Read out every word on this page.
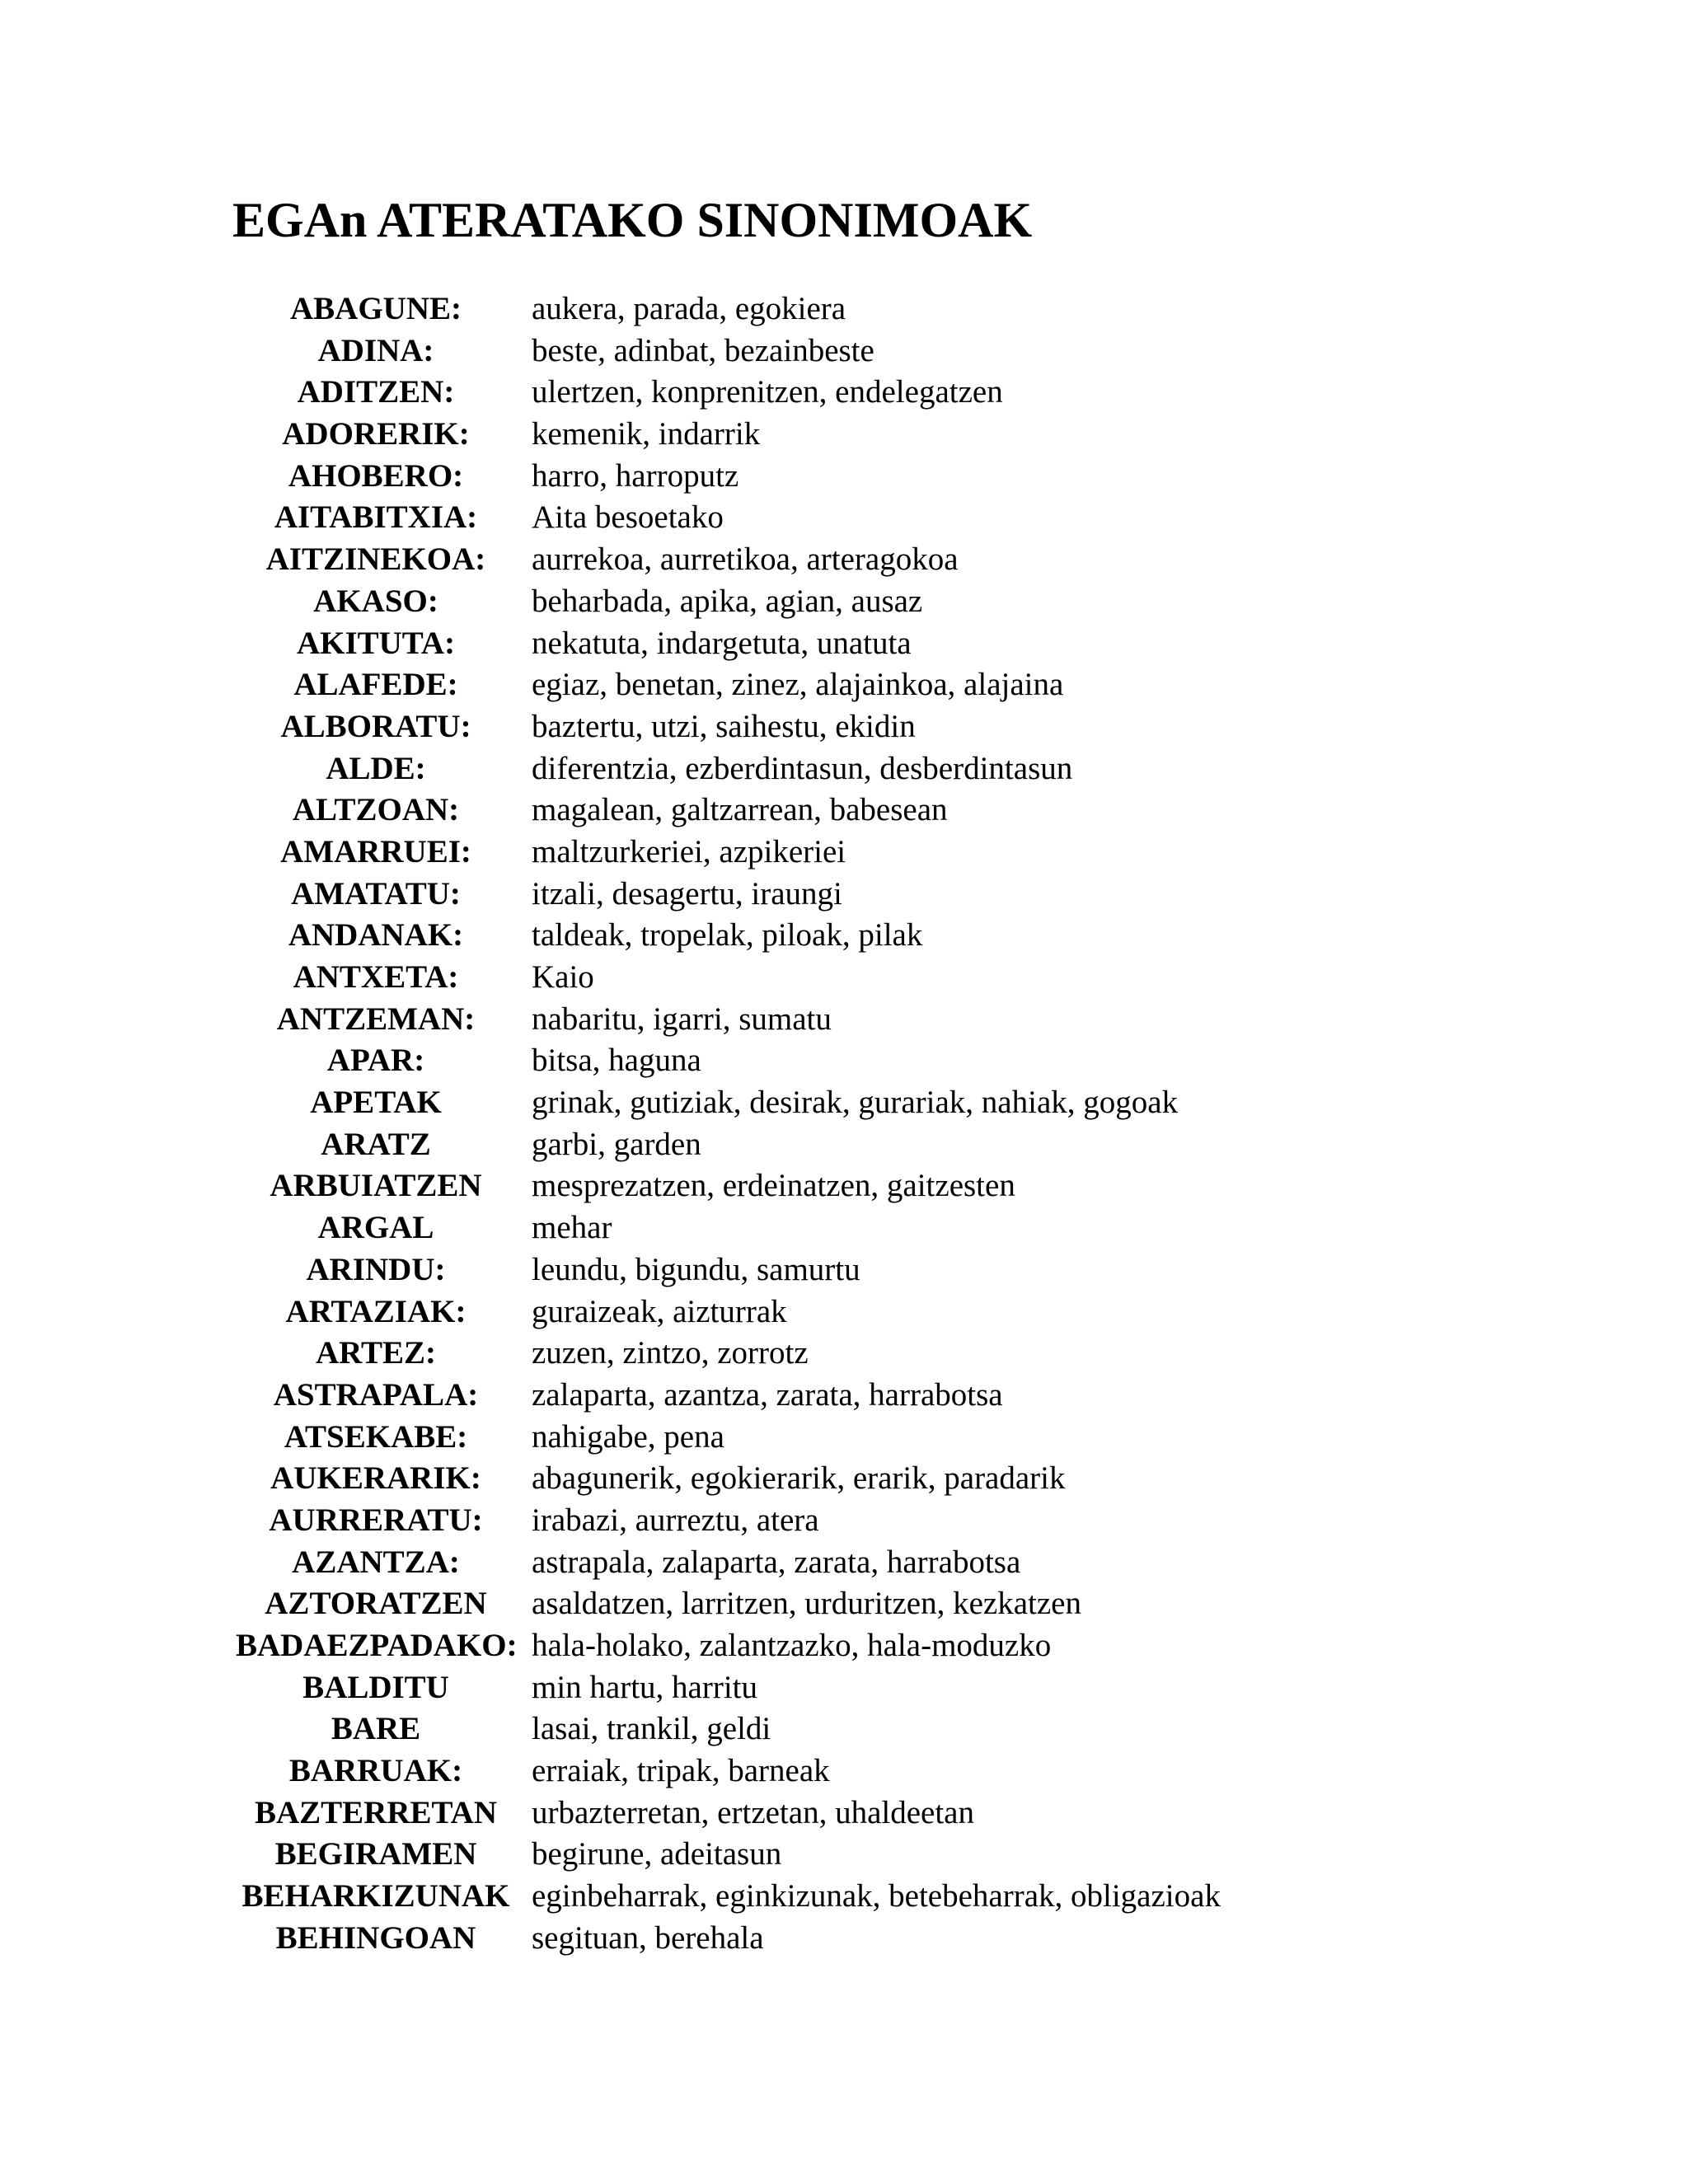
EGAn ATERATAKO SINONIMOAK
ABAGUNE:	aukera, parada, egokiera
ADINA:	beste, adinbat, bezainbeste
ADITZEN:	ulertzen, konprenitzen, endelegatzen
ADORERIK:	kemenik, indarrik
AHOBERO:	harro, harroputz
AITABITXIA:	Aita besoetako
AITZINEKOA:	aurrekoa, aurretikoa, arteragokoa
AKASO:	beharbada, apika, agian, ausaz
AKITUTA:	nekatuta, indargetuta, unatuta
ALAFEDE:	egiaz, benetan, zinez, alajainkoa, alajaina
ALBORATU:	baztertu, utzi, saihestu, ekidin
ALDE:	diferentzia, ezberdintasun, desberdintasun
ALTZOAN:	magalean, galtzarrean, babesean
AMARRUEI:	maltzurkeriei, azpikeriei
AMATATU:	itzali, desagertu, iraungi
ANDANAK:	taldeak, tropelak, piloak, pilak
ANTXETA:	Kaio
ANTZEMAN:	nabaritu, igarri, sumatu
APAR:	bitsa, haguna
APETAK	grinak, gutiziak, desirak, gurariak, nahiak, gogoak
ARATZ	garbi, garden
ARBUIATZEN	mesprezatzen, erdeinatzen, gaitzesten
ARGAL	mehar
ARINDU:	leundu, bigundu, samurtu
ARTAZIAK:	guraizeak, aizturrak
ARTEZ:	zuzen, zintzo, zorrotz
ASTRAPALA:	zalaparta, azantza, zarata, harrabotsa
ATSEKABE:	nahigabe, pena
AUKERARIK:	abagunerik, egokierarik, erarik, paradarik
AURRERATU:	irabazi, aurreztu, atera
AZANTZA:	astrapala, zalaparta, zarata, harrabotsa
AZTORATZEN	asaldatzen, larritzen, urduritzen, kezkatzen
BADAEZPADAKO: hala-holako, zalantzazko, hala-moduzko
BALDITU	min hartu, harritu
BARE	lasai, trankil, geldi
BARRUAK:	erraiak, tripak, barneak
BAZTERRETAN	urbazterretan, ertzetan, uhaldeetan
BEGIRAMEN	begirune, adeitasun
BEHARKIZUNAK eginbeharrak, eginkizunak, betebeharrak, obligazioak
BEHINGOAN	segituan, berehala
